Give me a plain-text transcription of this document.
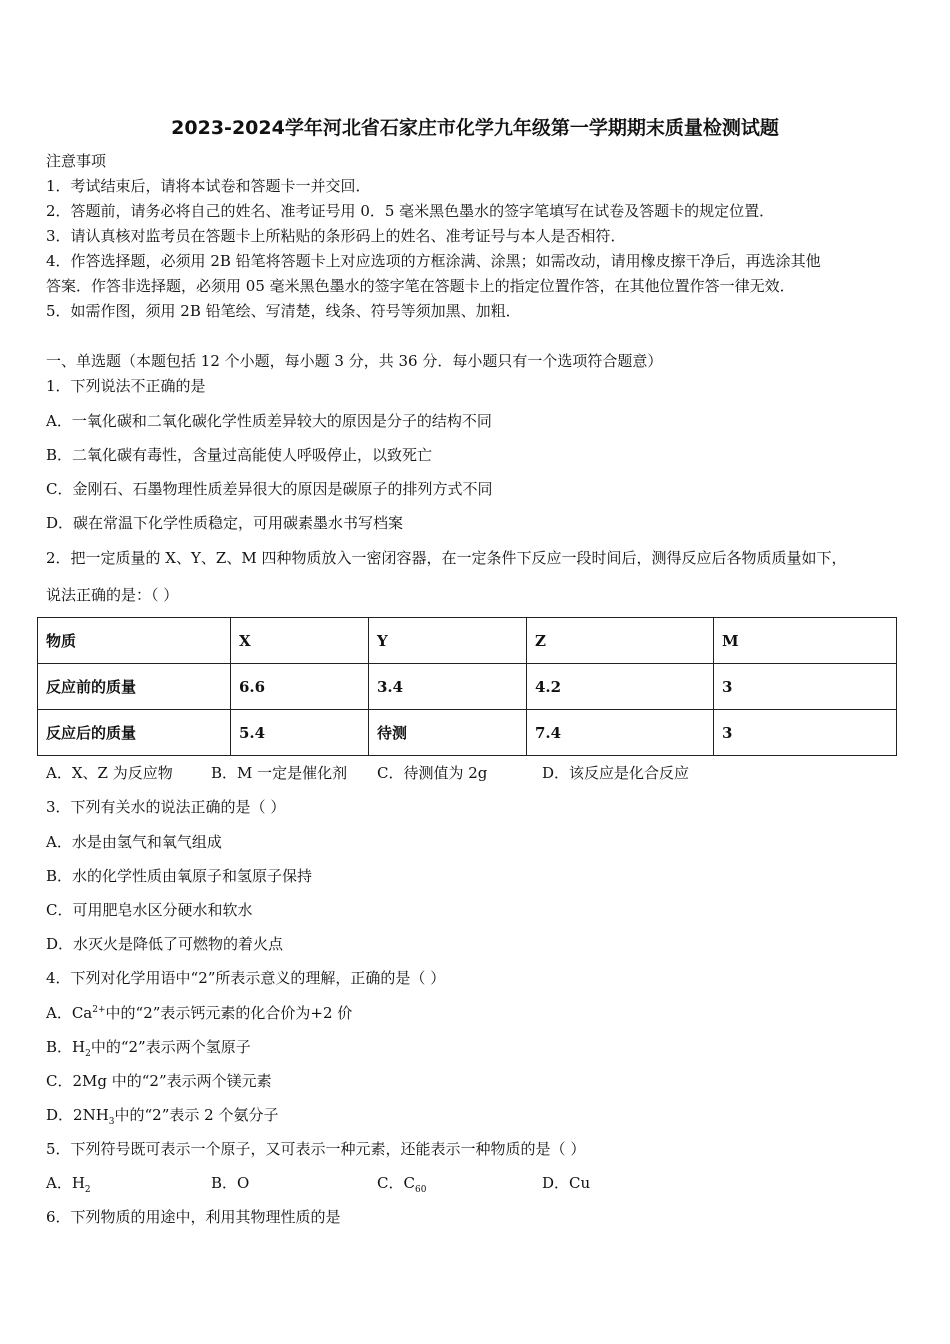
2023-2024学年河北省石家庄市化学九年级第一学期期末质量检测试题
注意事项
1．考试结束后，请将本试卷和答题卡一并交回．
2．答题前，请务必将自己的姓名、准考证号用 0．5 毫米黑色墨水的签字笔填写在试卷及答题卡的规定位置．
3．请认真核对监考员在答题卡上所粘贴的条形码上的姓名、准考证号与本人是否相符．
4．作答选择题，必须用 2B 铅笔将答题卡上对应选项的方框涂满、涂黑；如需改动，请用橡皮擦干净后，再选涂其他
答案．作答非选择题，必须用 05 毫米黑色墨水的签字笔在答题卡上的指定位置作答，在其他位置作答一律无效．
5．如需作图，须用 2B 铅笔绘、写清楚，线条、符号等须加黑、加粗．
一、单选题（本题包括 12 个小题，每小题 3 分，共 36 分．每小题只有一个选项符合题意）
1．下列说法不正确的是
A．一氧化碳和二氧化碳化学性质差异较大的原因是分子的结构不同
B．二氧化碳有毒性，含量过高能使人呼吸停止，以致死亡
C．金刚石、石墨物理性质差异很大的原因是碳原子的排列方式不同
D．碳在常温下化学性质稳定，可用碳素墨水书写档案
2．把一定质量的 X、Y、Z、M 四种物质放入一密闭容器，在一定条件下反应一段时间后，测得反应后各物质质量如下，
说法正确的是：（ ）
物质	X	Y	Z	M
反应前的质量	6.6	3.4	4.2	3
反应后的质量	5.4	待测	7.4	3
A．X、Z 为反应物	B．M 一定是催化剂 C．待测值为 2g	D．该反应是化合反应
3．下列有关水的说法正确的是（ ）
A．水是由氢气和氧气组成
B．水的化学性质由氧原子和氢原子保持
C．可用肥皂水区分硬水和软水
D．水灭火是降低了可燃物的着火点
4．下列对化学用语中“2”所表示意义的理解，正确的是（ ）
A．$Ca^{2+}$中的“2”表示钙元素的化合价为+2 价
B．$H_2$中的“2”表示两个氢原子
C．2Mg 中的“2”表示两个镁元素
D．$2NH_3$中的“2”表示 2 个氨分子
5．下列符号既可表示一个原子，又可表示一种元素，还能表示一种物质的是（ ）
A．$H_2$	B．O	C．$C_{60}$	D．Cu
6．下列物质的用途中，利用其物理性质的是
